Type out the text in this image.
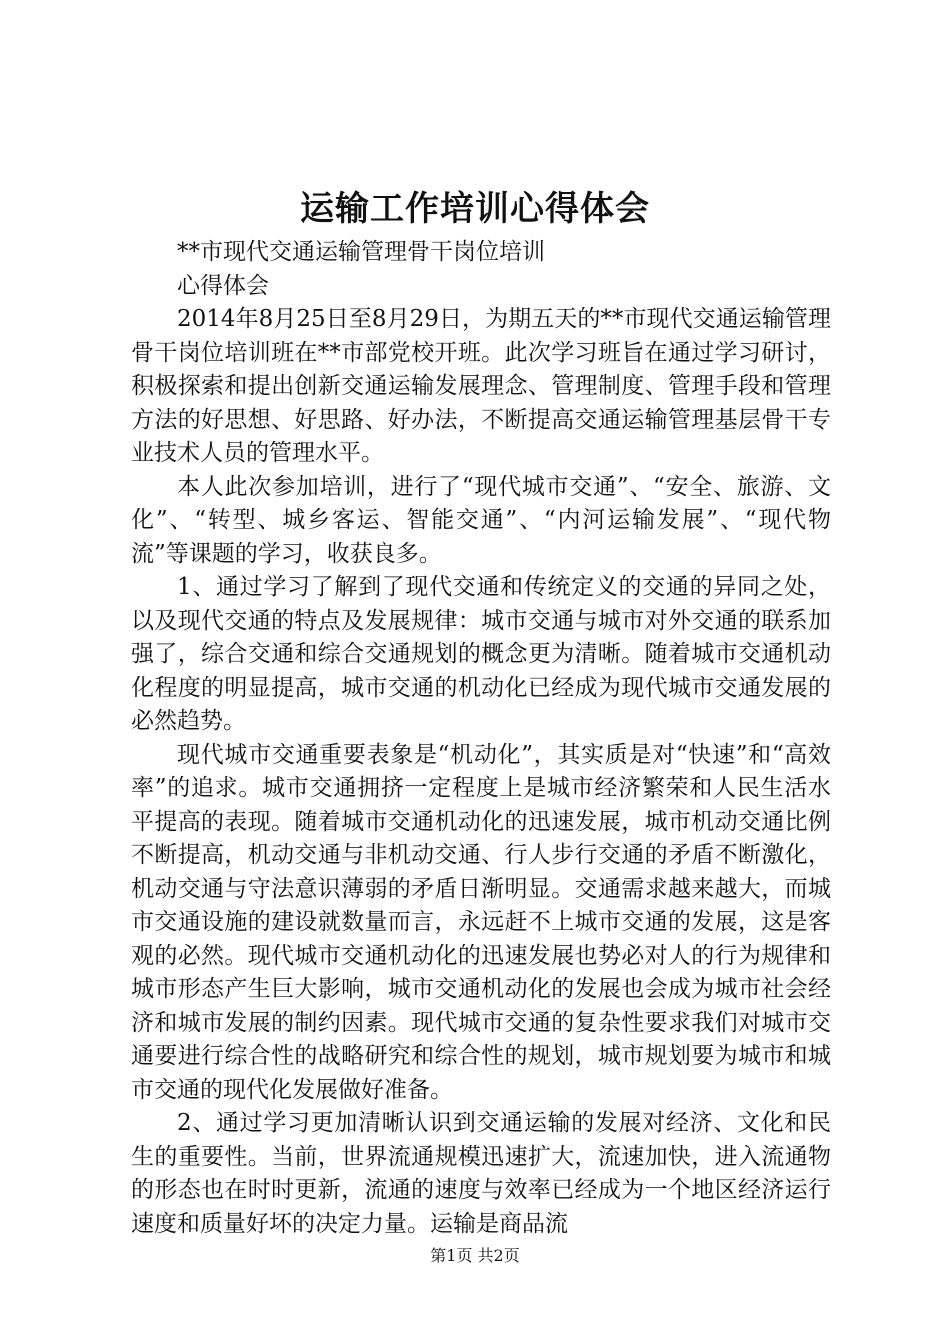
运输工作培训心得体会

**市现代交通运输管理骨干岗位培训

心得体会

2014年8月25日至8月29日，为期五天的**市现代交通运输管理骨干岗位培训班在**市部党校开班。此次学习班旨在通过学习研讨，积极探索和提出创新交通运输发展理念、管理制度、管理手段和管理方法的好思想、好思路、好办法，不断提高交通运输管理基层骨干专业技术人员的管理水平。

本人此次参加培训，进行了“现代城市交通”、“安全、旅游、文化”、“转型、城乡客运、智能交通”、“内河运输发展”、“现代物流”等课题的学习，收获良多。

1、通过学习了解到了现代交通和传统定义的交通的异同之处，以及现代交通的特点及发展规律：城市交通与城市对外交通的联系加强了，综合交通和综合交通规划的概念更为清晰。随着城市交通机动化程度的明显提高，城市交通的机动化已经成为现代城市交通发展的必然趋势。

现代城市交通重要表象是“机动化”，其实质是对“快速”和“高效率”的追求。城市交通拥挤一定程度上是城市经济繁荣和人民生活水平提高的表现。随着城市交通机动化的迅速发展，城市机动交通比例不断提高，机动交通与非机动交通、行人步行交通的矛盾不断激化，机动交通与守法意识薄弱的矛盾日渐明显。交通需求越来越大，而城市交通设施的建设就数量而言，永远赶不上城市交通的发展，这是客观的必然。现代城市交通机动化的迅速发展也势必对人的行为规律和城市形态产生巨大影响，城市交通机动化的发展也会成为城市社会经济和城市发展的制约因素。现代城市交通的复杂性要求我们对城市交通要进行综合性的战略研究和综合性的规划，城市规划要为城市和城市交通的现代化发展做好准备。

2、通过学习更加清晰认识到交通运输的发展对经济、文化和民生的重要性。当前，世界流通规模迅速扩大，流速加快，进入流通物的形态也在时时更新，流通的速度与效率已经成为一个地区经济运行速度和质量好坏的决定力量。运输是商品流

第1页 共2页
